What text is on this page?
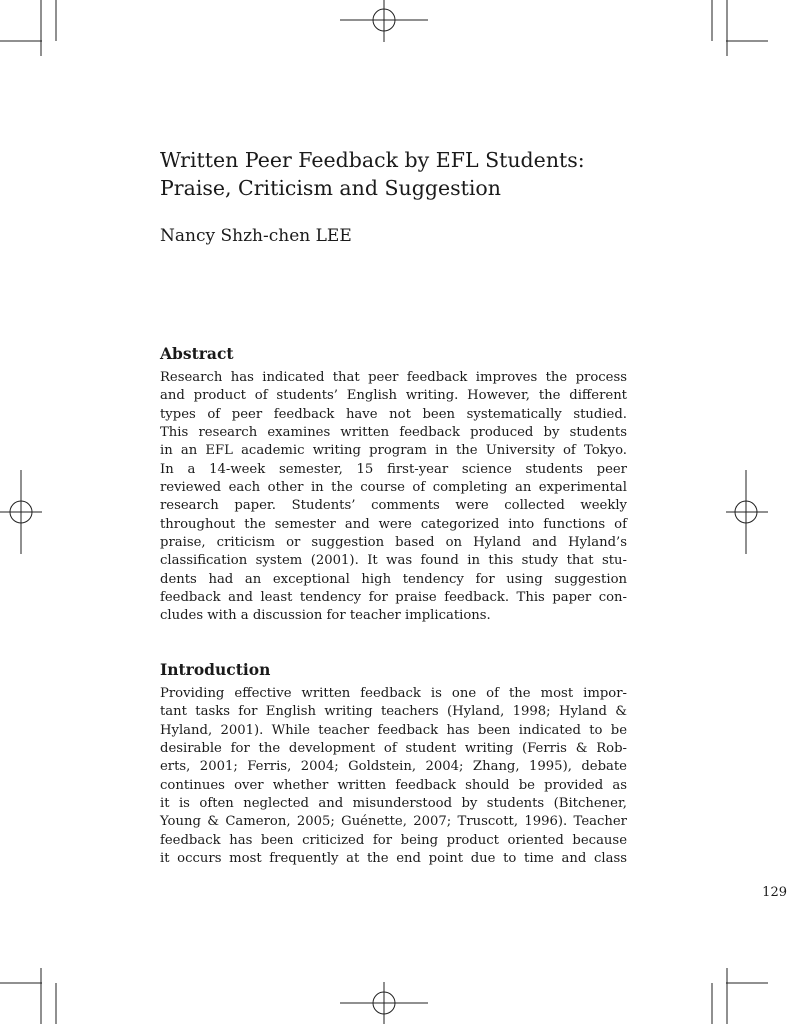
Written Peer Feedback by EFL Students:
Praise, Criticism and Suggestion
Nancy Shzh-chen LEE
Abstract
Research has indicated that peer feedback improves the process
and product of students’ English writing. However, the different
types of peer feedback have not been systematically studied.
This research examines written feedback produced by students
in an EFL academic writing program in the University of Tokyo.
In a 14-week semester, 15 first-year science students peer
reviewed each other in the course of completing an experimental
research paper. Students’ comments were collected weekly
throughout the semester and were categorized into functions of
praise, criticism or suggestion based on Hyland and Hyland’s
classification system (2001). It was found in this study that stu-
dents had an exceptional high tendency for using suggestion
feedback and least tendency for praise feedback. This paper con-
cludes with a discussion for teacher implications.
Introduction
Providing effective written feedback is one of the most impor-
tant tasks for English writing teachers (Hyland, 1998; Hyland &
Hyland, 2001). While teacher feedback has been indicated to be
desirable for the development of student writing (Ferris & Rob-
erts, 2001; Ferris, 2004; Goldstein, 2004; Zhang, 1995), debate
continues over whether written feedback should be provided as
it is often neglected and misunderstood by students (Bitchener,
Young & Cameron, 2005; Guénette, 2007; Truscott, 1996). Teacher
feedback has been criticized for being product oriented because
it occurs most frequently at the end point due to time and class

129
